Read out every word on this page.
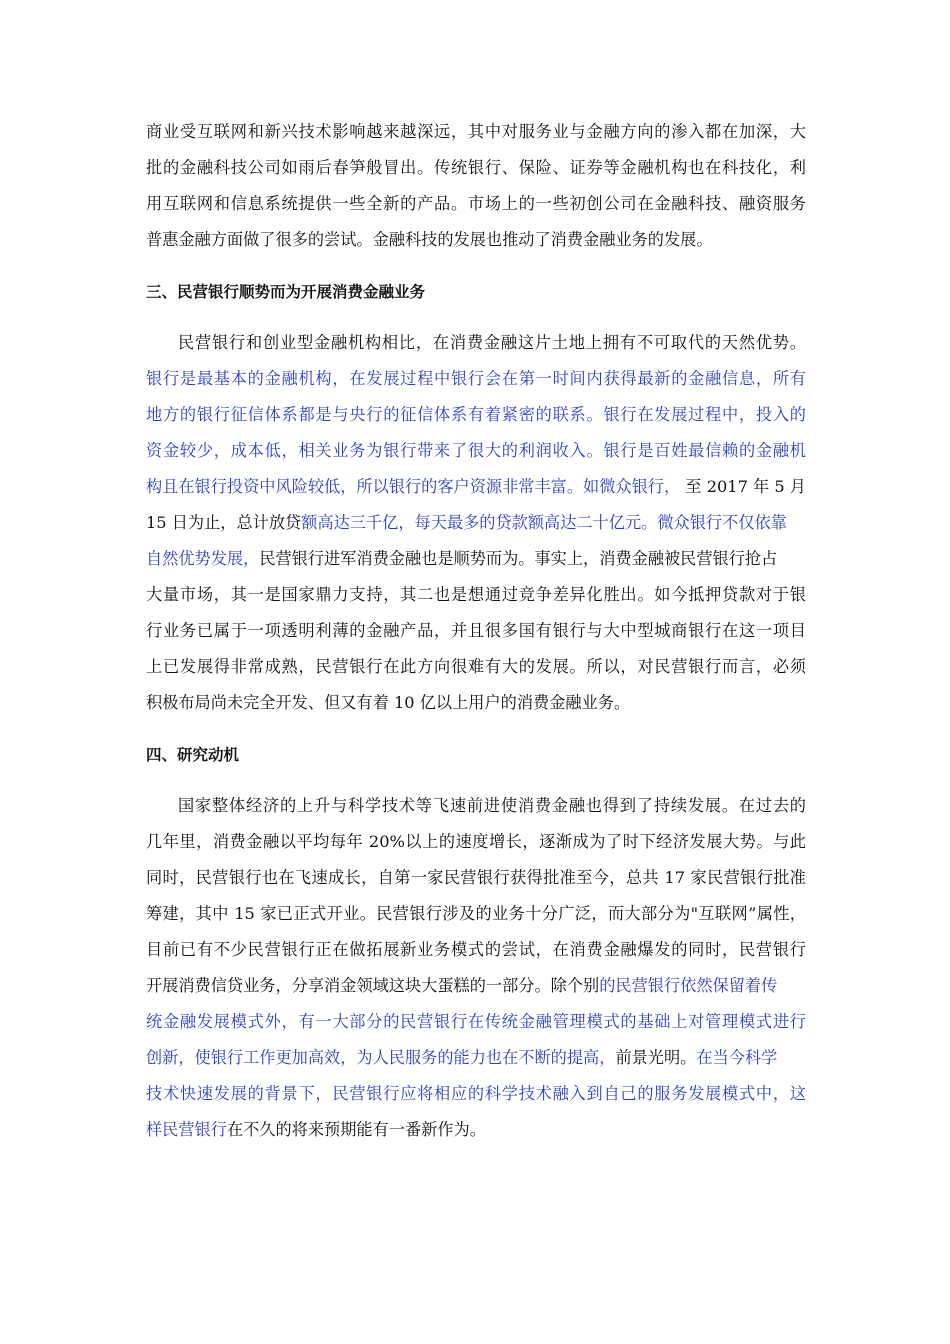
商业受互联网和新兴技术影响越来越深远，其中对服务业与金融方向的渗入都在加深，大
批的金融科技公司如雨后春笋般冒出。传统银行、保险、证券等金融机构也在科技化，利
用互联网和信息系统提供一些全新的产品。市场上的一些初创公司在金融科技、融资服务
普惠金融方面做了很多的尝试。金融科技的发展也推动了消费金融业务的发展。
三、民营银行顺势而为开展消费金融业务
民营银行和创业型金融机构相比，在消费金融这片土地上拥有不可取代的天然优势。
银行是最基本的金融机构，在发展过程中银行会在第一时间内获得最新的金融信息，所有
地方的银行征信体系都是与央行的征信体系有着紧密的联系。银行在发展过程中，投入的
资金较少，成本低，相关业务为银行带来了很大的利润收入。银行是百姓最信赖的金融机
构且在银行投资中风险较低，所以银行的客户资源非常丰富。如微众银行， 至 2017 年 5 月
15 日为止，总计放贷额高达三千亿，每天最多的贷款额高达二十亿元。微众银行不仅依靠
自然优势发展，民营银行进军消费金融也是顺势而为。事实上，消费金融被民营银行抢占
大量市场，其一是国家鼎力支持，其二也是想通过竞争差异化胜出。如今抵押贷款对于银
行业务已属于一项透明利薄的金融产品，并且很多国有银行与大中型城商银行在这一项目
上已发展得非常成熟，民营银行在此方向很难有大的发展。所以，对民营银行而言，必须
积极布局尚未完全开发、但又有着 10 亿以上用户的消费金融业务。
四、研究动机
国家整体经济的上升与科学技术等飞速前进使消费金融也得到了持续发展。在过去的
几年里，消费金融以平均每年 20%以上的速度增长，逐渐成为了时下经济发展大势。与此
同时，民营银行也在飞速成长，自第一家民营银行获得批准至今，总共 17 家民营银行批准
筹建，其中 15 家已正式开业。民营银行涉及的业务十分广泛，而大部分为"互联网”属性，
目前已有不少民营银行正在做拓展新业务模式的尝试，在消费金融爆发的同时，民营银行
开展消费信贷业务，分享消金领域这块大蛋糕的一部分。除个别的民营银行依然保留着传
统金融发展模式外，有一大部分的民营银行在传统金融管理模式的基础上对管理模式进行
创新，使银行工作更加高效，为人民服务的能力也在不断的提高，前景光明。在当今科学
技术快速发展的背景下，民营银行应将相应的科学技术融入到自己的服务发展模式中，这
样民营银行在不久的将来预期能有一番新作为。
